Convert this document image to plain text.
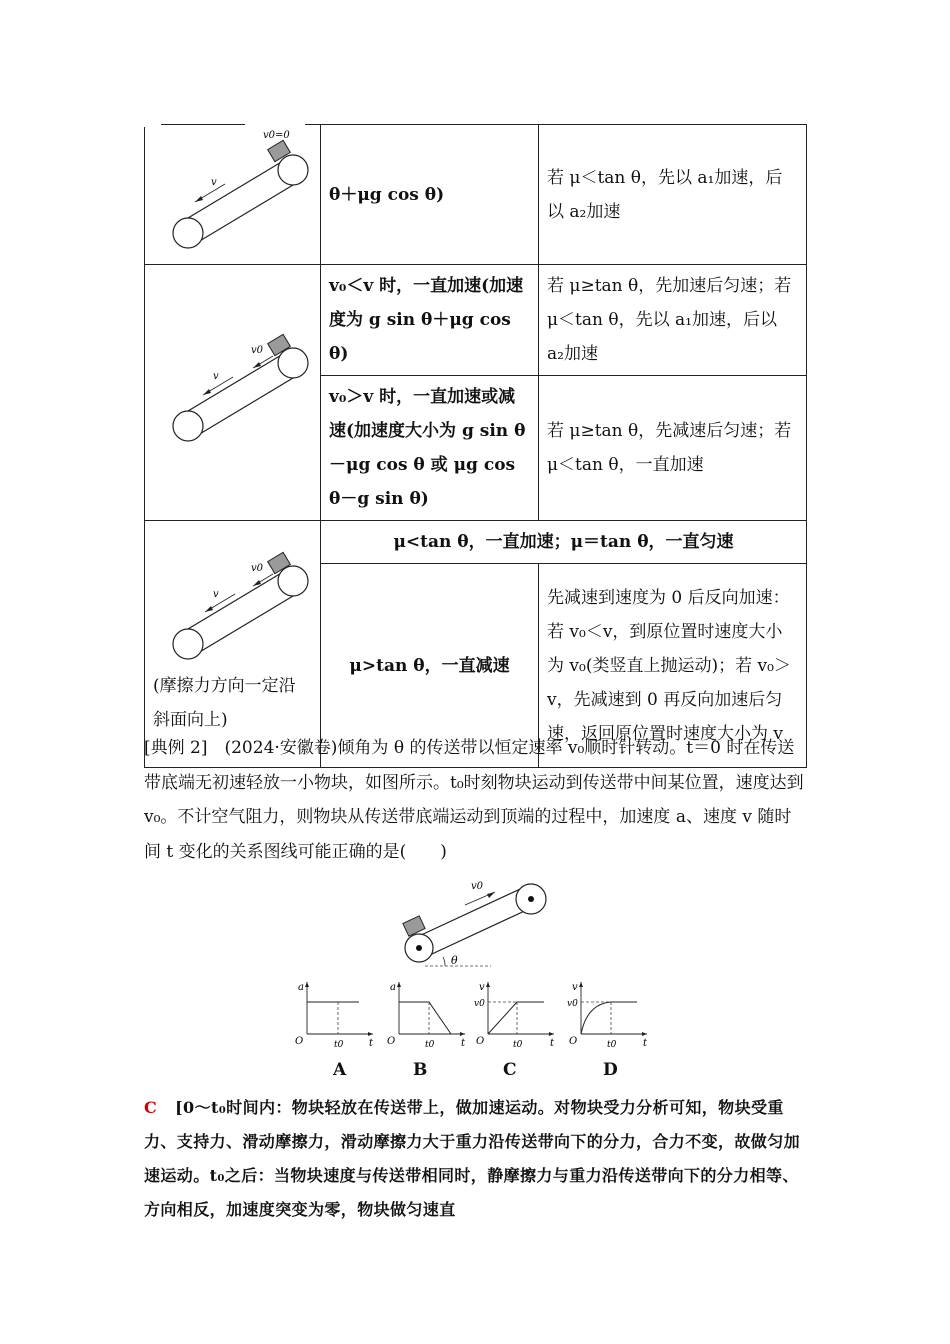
v
v0=0	θ＋μg cos θ)	若 μ＜tan θ，先以 a₁加速，后以 a₂加速

v
v0	v₀＜v 时，一直加速(加速度为 g sin θ＋μg cos θ)	若 μ≥tan θ，先加速后匀速；若 μ＜tan θ，先以 a₁加速，后以 a₂加速
	v₀＞v 时，一直加速或减速(加速度大小为 g sin θ－μg cos θ 或 μg cos θ－g sin θ)	若 μ≥tan θ，先减速后匀速；若 μ＜tan θ，一直加速

v
v0
(摩擦力方向一定沿斜面向上)	μ<tan θ，一直加速；μ＝tan θ，一直匀速	
	μ>tan θ，一直减速	先减速到速度为 0 后反向加速：若 v₀＜v，到原位置时速度大小为 v₀(类竖直上抛运动)；若 v₀＞v，先减速到 0 再反向加速后匀速，返回原位置时速度大小为 v
[典例 2]　(2024·安徽卷)倾角为 θ 的传送带以恒定速率 v₀顺时针转动。t＝0 时在传送带底端无初速轻放一小物块，如图所示。t₀时刻物块运动到传送带中间某位置，速度达到 v₀。不计空气阻力，则物块从传送带底端运动到顶端的过程中，加速度 a、速度 v 随时间 t 变化的关系图线可能正确的是(　　)
v0
θ
a
t
O	t0
a
t
O	t0
v
v0
t
O	t0
v
v0
t
O	t0
A	B	C	D
C [0～t₀时间内：物块轻放在传送带上，做加速运动。对物块受力分析可知，物块受重力、支持力、滑动摩擦力，滑动摩擦力大于重力沿传送带向下的分力，合力不变，故做匀加速运动。t₀之后：当物块速度与传送带相同时，静摩擦力与重力沿传送带向下的分力相等、方向相反，加速度突变为零，物块做匀速直
